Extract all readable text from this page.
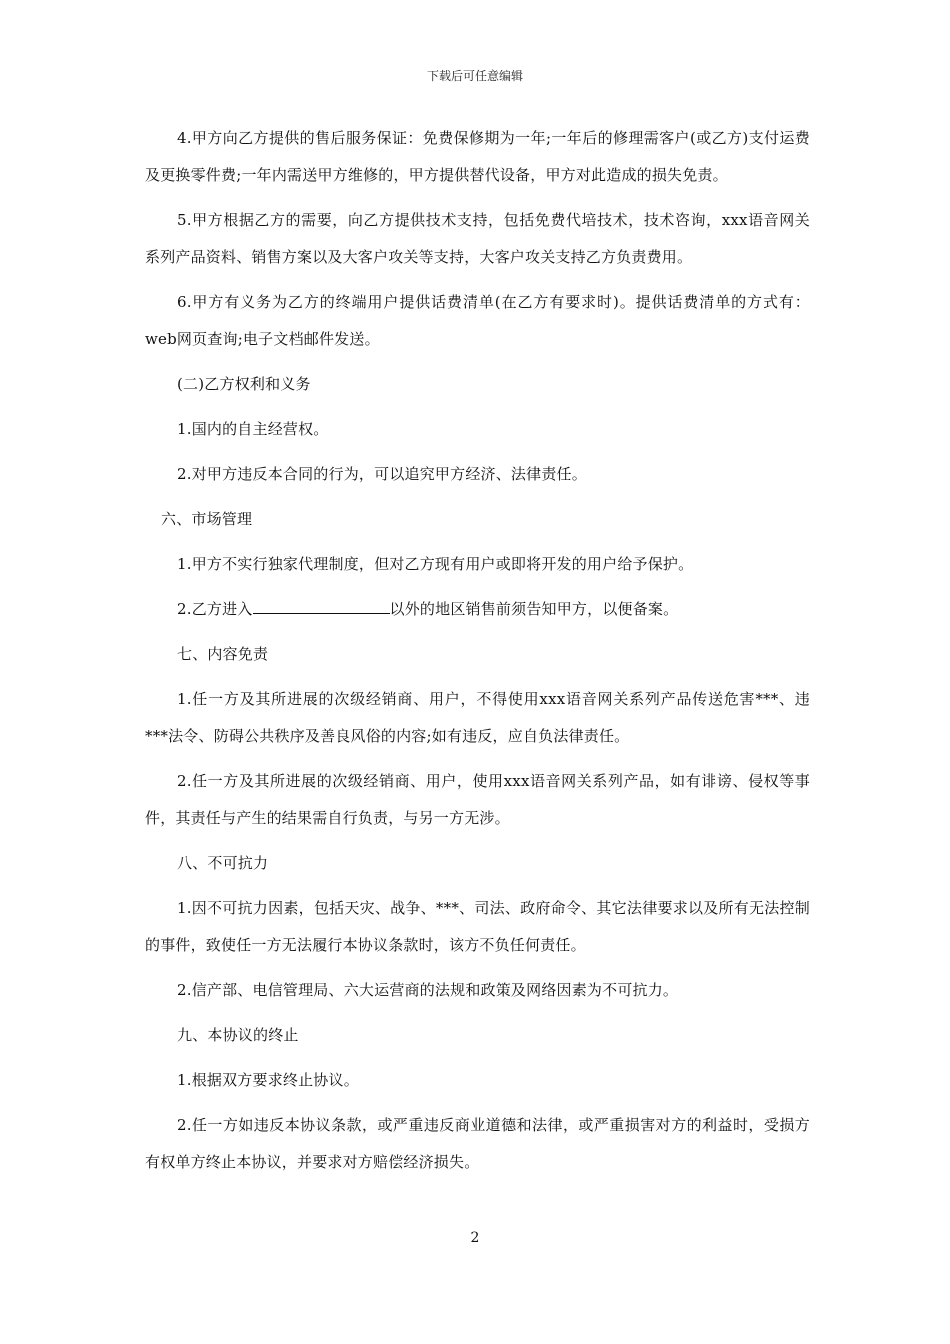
下载后可任意编辑

4.甲方向乙方提供的售后服务保证：免费保修期为一年;一年后的修理需客户(或乙方)支付运费及更换零件费;一年内需送甲方维修的，甲方提供替代设备，甲方对此造成的损失免责。

5.甲方根据乙方的需要，向乙方提供技术支持，包括免费代培技术，技术咨询，xxx语音网关系列产品资料、销售方案以及大客户攻关等支持，大客户攻关支持乙方负责费用。

6.甲方有义务为乙方的终端用户提供话费清单(在乙方有要求时)。提供话费清单的方式有：web网页查询;电子文档邮件发送。

(二)乙方权利和义务

1.国内的自主经营权。

2.对甲方违反本合同的行为，可以追究甲方经济、法律责任。

六、市场管理

1.甲方不实行独家代理制度，但对乙方现有用户或即将开发的用户给予保护。

2.乙方进入	以外的地区销售前须告知甲方，以便备案。

七、内容免责

1.任一方及其所进展的次级经销商、用户，不得使用xxx语音网关系列产品传送危害***、违***法令、防碍公共秩序及善良风俗的内容;如有违反，应自负法律责任。

2.任一方及其所进展的次级经销商、用户，使用xxx语音网关系列产品，如有诽谤、侵权等事件，其责任与产生的结果需自行负责，与另一方无涉。

八、不可抗力

1.因不可抗力因素，包括天灾、战争、***、司法、政府命令、其它法律要求以及所有无法控制的事件，致使任一方无法履行本协议条款时，该方不负任何责任。

2.信产部、电信管理局、六大运营商的法规和政策及网络因素为不可抗力。

九、本协议的终止

1.根据双方要求终止协议。

2.任一方如违反本协议条款，或严重违反商业道德和法律，或严重损害对方的利益时，受损方有权单方终止本协议，并要求对方赔偿经济损失。

2
